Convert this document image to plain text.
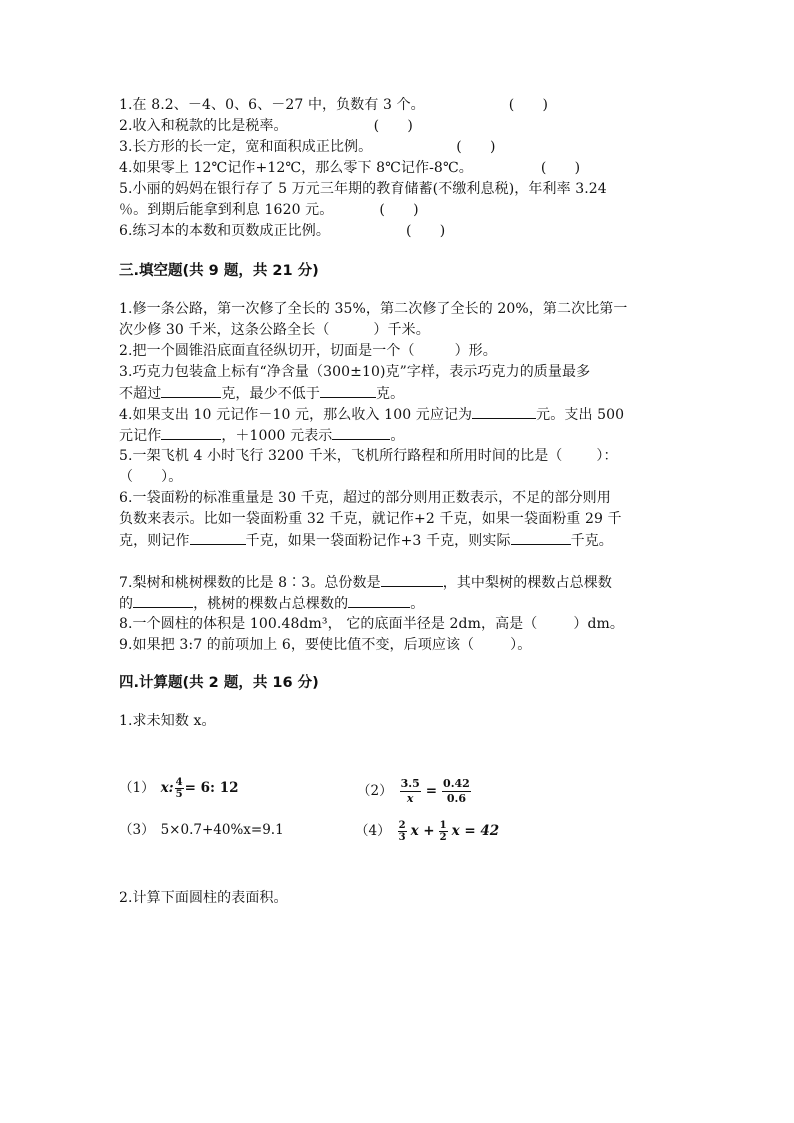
1.在 8.2、－4、0、6、－27 中，负数有 3 个。	(　　)
2.收入和税款的比是税率。	(　　)
3.长方形的长一定，宽和面积成正比例。	(　　)
4.如果零上 12℃记作+12℃，那么零下 8℃记作-8℃。	(　　)
5.小丽的妈妈在银行存了 5 万元三年期的教育储蓄(不缴利息税)，年利率 3.24
％。到期后能拿到利息 1620 元。	(　　)
6.练习本的本数和页数成正比例。	(　　)
三.填空题(共 9 题，共 21 分)
1.修一条公路，第一次修了全长的 35%，第二次修了全长的 20%，第二次比第一
次少修 30 千米，这条公路全长（	）千米。
2.把一个圆锥沿底面直径纵切开，切面是一个（	）形。
3.巧克力包装盒上标有“净含量（300±10)克”字样，表示巧克力的质量最多
不超过	克，最少不低于	克。
4.如果支出 10 元记作－10 元，那么收入 100 元应记为	元。支出 500
元记作	，＋1000 元表示	。
5.一架飞机 4 小时飞行 3200 千米，飞机所行路程和所用时间的比是（ ）：
（ ）。
6.一袋面粉的标准重量是 30 千克，超过的部分则用正数表示，不足的部分则用
负数来表示。比如一袋面粉重 32 千克，就记作+2 千克，如果一袋面粉重 29 千
克，则记作	千克，如果一袋面粉记作+3 千克，则实际	千克。
7.梨树和桃树棵数的比是 8∶3。总份数是	，其中梨树的棵数占总棵数
的	，桃树的棵数占总棵数的	。
8.一个圆柱的体积是 100.48dm³， 它的底面半径是 2dm，高是（	）dm。
9.如果把 3:7 的前项加上 6，要使比值不变，后项应该（	）。
四.计算题(共 2 题，共 16 分)
1.求未知数 x。
（1） x: $\frac{4}{5} = 6$: 12	$(2) \frac{3.5}{x} = \frac{0.42}{0.6}$
（3） 5×0.7+40%x=9.1	$(4) \frac{2}{3}$ $x + \frac{1}{2}$ x = 42
2.计算下面圆柱的表面积。
